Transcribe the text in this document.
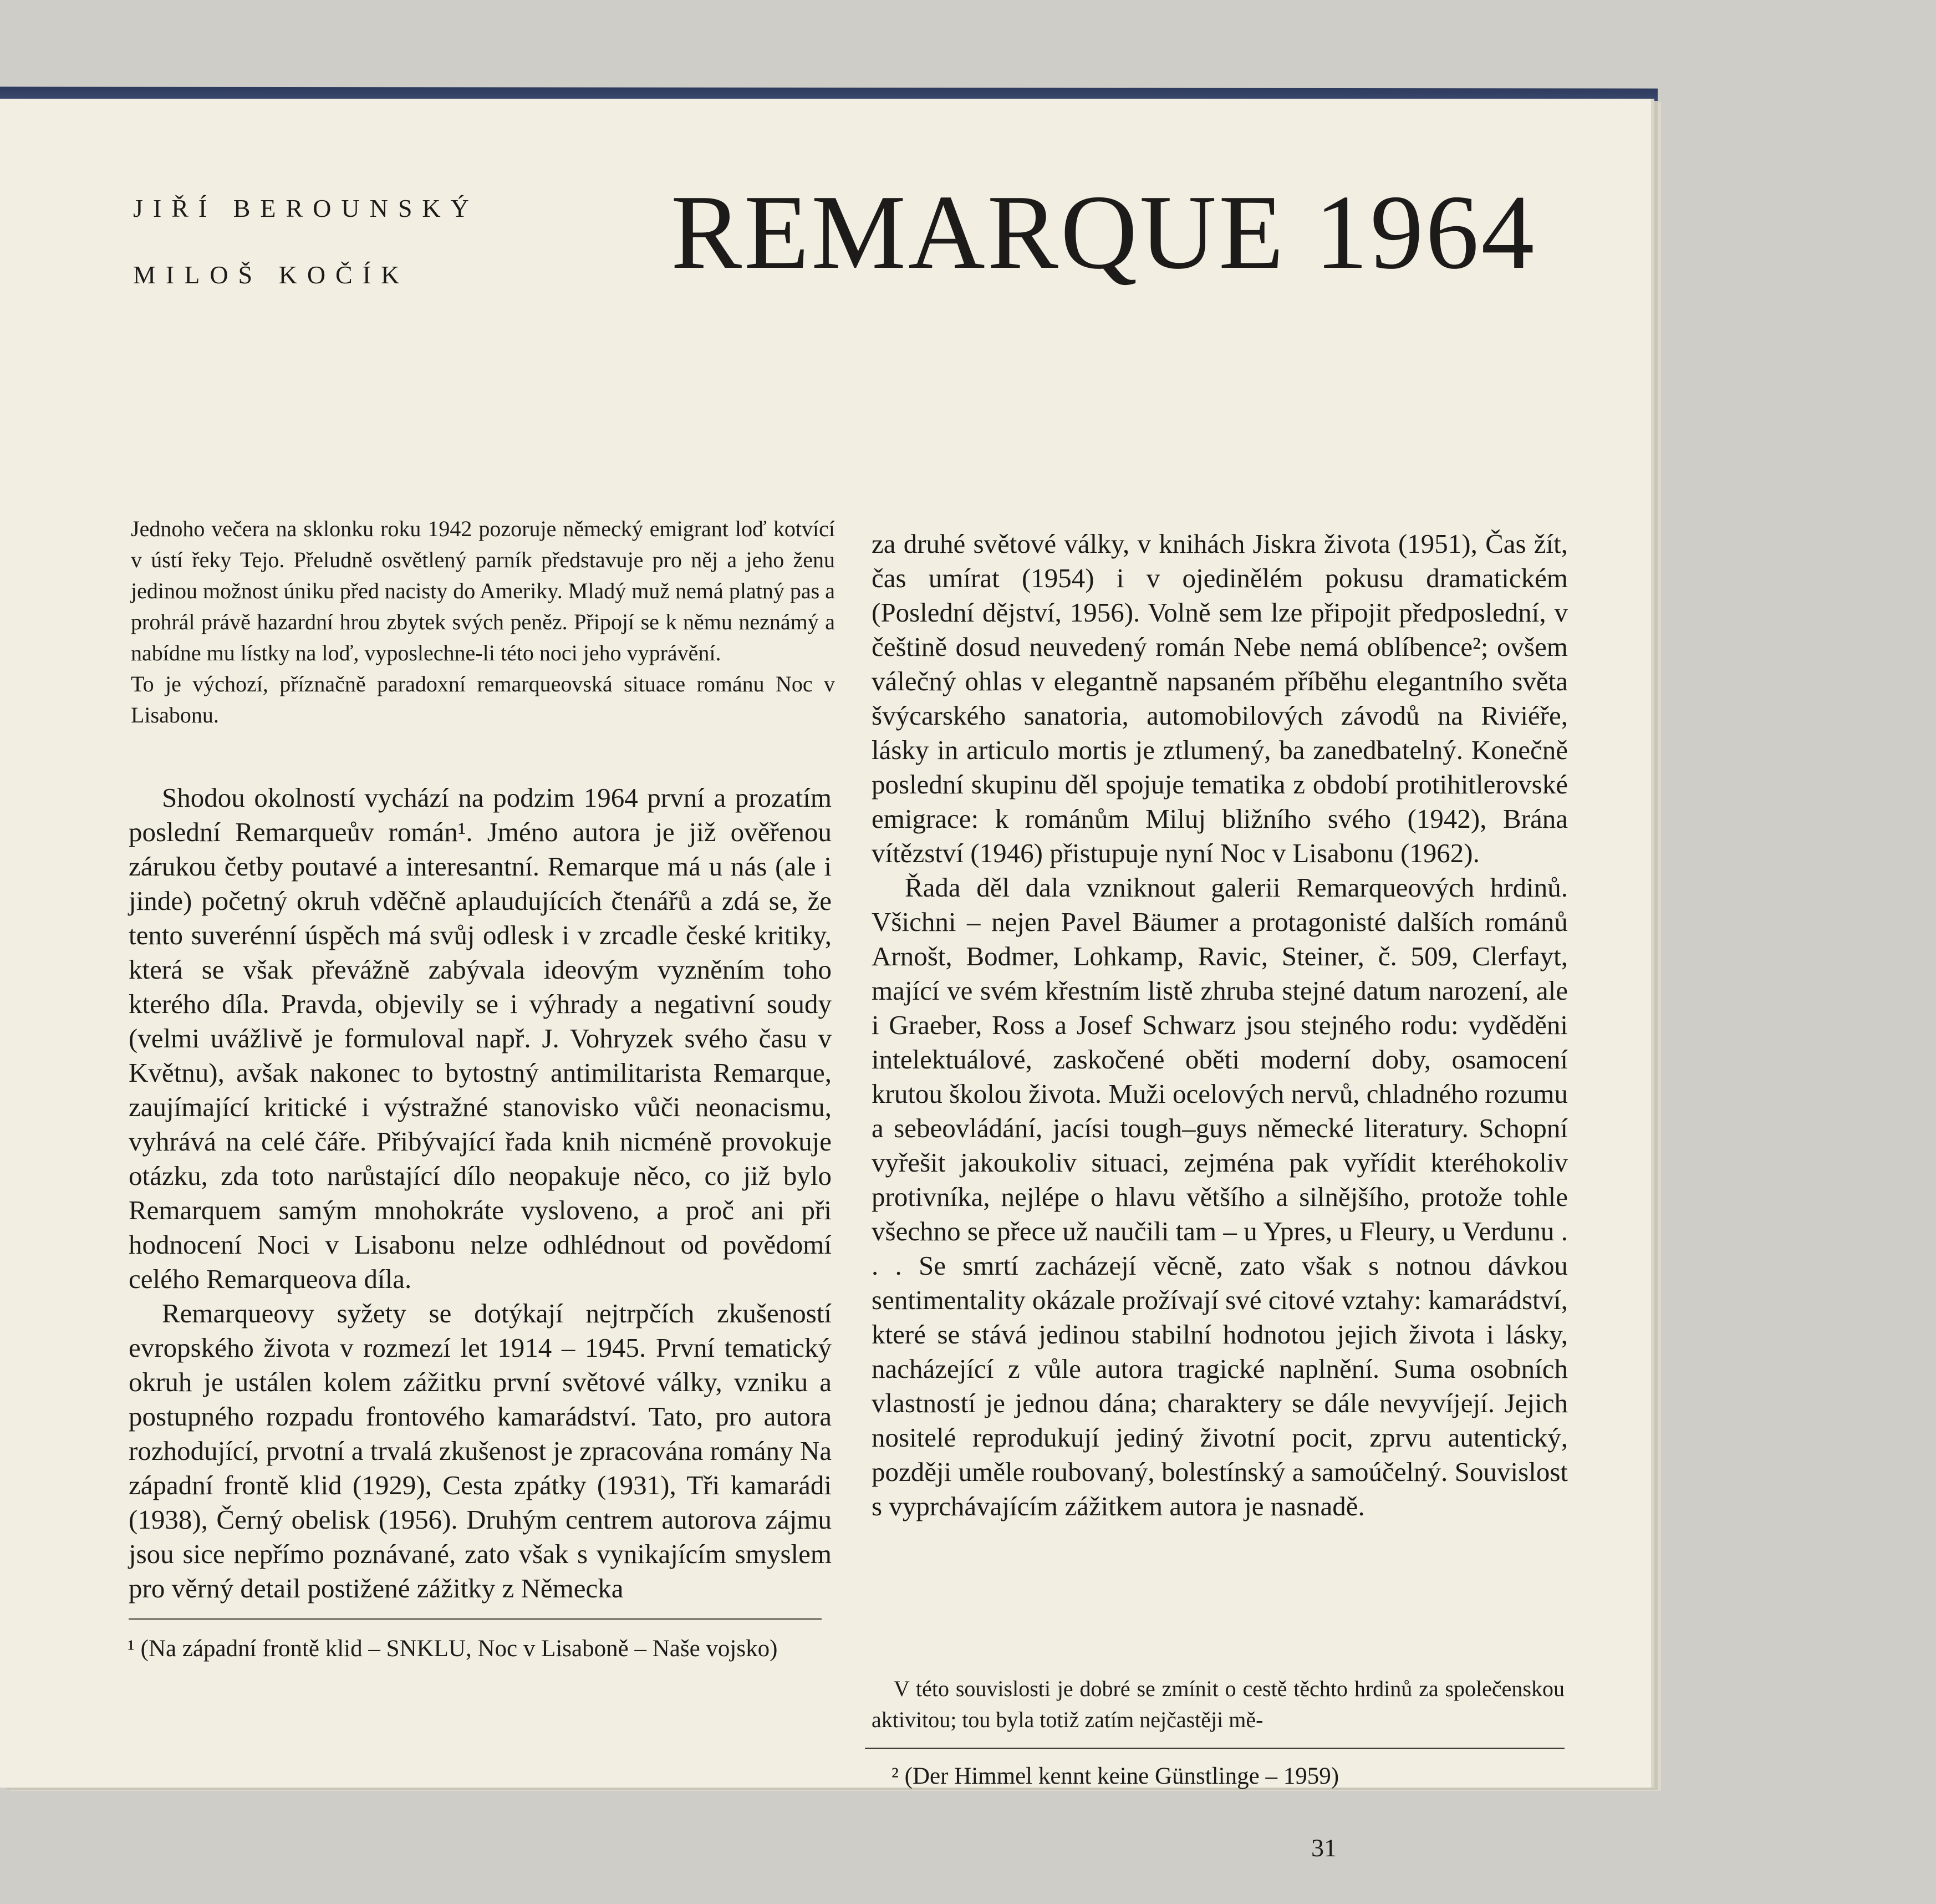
JIŘÍ BEROUNSKÝ
MILOŠ KOČÍK	REMARQUE 1964

Jednoho večera na sklonku roku 1942 pozoruje německý emigrant loď kotvící v ústí řeky Tejo. Přeludně osvětlený parník představuje pro něj a jeho ženu jedinou možnost úniku před nacisty do Ameriky. Mladý muž nemá platný pas a prohrál právě hazardní hrou zbytek svých peněz. Připojí se k němu neznámý a nabídne mu lístky na loď, vyposlechne-li této noci jeho vyprávění.

To je výchozí, příznačně paradoxní remarqueovská situace románu Noc v Lisabonu.

Shodou okolností vychází na podzim 1964 první a prozatím poslední Remarqueův román¹. Jméno autora je již ověřenou zárukou četby poutavé a interesantní. Remarque má u nás (ale i jinde) početný okruh vděčně aplaudujících čtenářů a zdá se, že tento suverénní úspěch má svůj odlesk i v zrcadle české kritiky, která se však převážně zabývala ideovým vyzněním toho kterého díla. Pravda, objevily se i výhrady a negativní soudy (velmi uvážlivě je formuloval např. J. Vohryzek svého času v Květnu), avšak nakonec to bytostný antimilitarista Remarque, zaujímající kritické i výstražné stanovisko vůči neonacismu, vyhrává na celé čáře. Přibývající řada knih nicméně provokuje otázku, zda toto narůstající dílo neopakuje něco, co již bylo Remarquem samým mnohokráte vysloveno, a proč ani při hodnocení Noci v Lisabonu nelze odhlédnout od povědomí celého Remarqueova díla.

Remarqueovy syžety se dotýkají nejtrpčích zkušeností evropského života v rozmezí let 1914 – 1945. První tematický okruh je ustálen kolem zážitku první světové války, vzniku a postupného rozpadu frontového kamarádství. Tato, pro autora rozhodující, prvotní a trvalá zkušenost je zpracována romány Na západní frontě klid (1929), Cesta zpátky (1931), Tři kamarádi (1938), Černý obelisk (1956). Druhým centrem autorova zájmu jsou sice nepřímo poznávané, zato však s vynikajícím smyslem pro věrný detail postižené zážitky z Německa

¹ (Na západní frontě klid – SNKLU, Noc v Lisaboně – Naše vojsko)

za druhé světové války, v knihách Jiskra života (1951), Čas žít, čas umírat (1954) i v ojedinělém pokusu dramatickém (Poslední dějství, 1956). Volně sem lze připojit předposlední, v češtině dosud neuvedený román Nebe nemá oblíbence²; ovšem válečný ohlas v elegantně napsaném příběhu elegantního světa švýcarského sanatoria, automobilových závodů na Riviéře, lásky in articulo mortis je ztlumený, ba zanedbatelný. Konečně poslední skupinu děl spojuje tematika z období protihitlerovské emigrace: k románům Miluj bližního svého (1942), Brána vítězství (1946) přistupuje nyní Noc v Lisabonu (1962).

Řada děl dala vzniknout galerii Remarqueových hrdinů. Všichni – nejen Pavel Bäumer a protagonisté dalších románů Arnošt, Bodmer, Lohkamp, Ravic, Steiner, č. 509, Clerfayt, mající ve svém křestním listě zhruba stejné datum narození, ale i Graeber, Ross a Josef Schwarz jsou stejného rodu: vyděděni intelektuálové, zaskočené oběti moderní doby, osamocení krutou školou života. Muži ocelových nervů, chladného rozumu a sebeovládání, jacísi tough–guys německé literatury. Schopní vyřešit jakoukoliv situaci, zejména pak vyřídit kteréhokoliv protivníka, nejlépe o hlavu většího a silnějšího, protože tohle všechno se přece už naučili tam – u Ypres, u Fleury, u Verdunu . . . Se smrtí zacházejí věcně, zato však s notnou dávkou sentimentality okázale prožívají své citové vztahy: kamarádství, které se stává jedinou stabilní hodnotou jejich života i lásky, nacházející z vůle autora tragické naplnění. Suma osobních vlastností je jednou dána; charaktery se dále nevyvíjejí. Jejich nositelé reprodukují jediný životní pocit, zprvu autentický, později uměle roubovaný, bolestínský a samoúčelný. Souvislost s vyprchávajícím zážitkem autora je nasnadě.

V této souvislosti je dobré se zmínit o cestě těchto hrdinů za společenskou aktivitou; tou byla totiž zatím nejčastěji mě-

² (Der Himmel kennt keine Günstlinge – 1959)
31
